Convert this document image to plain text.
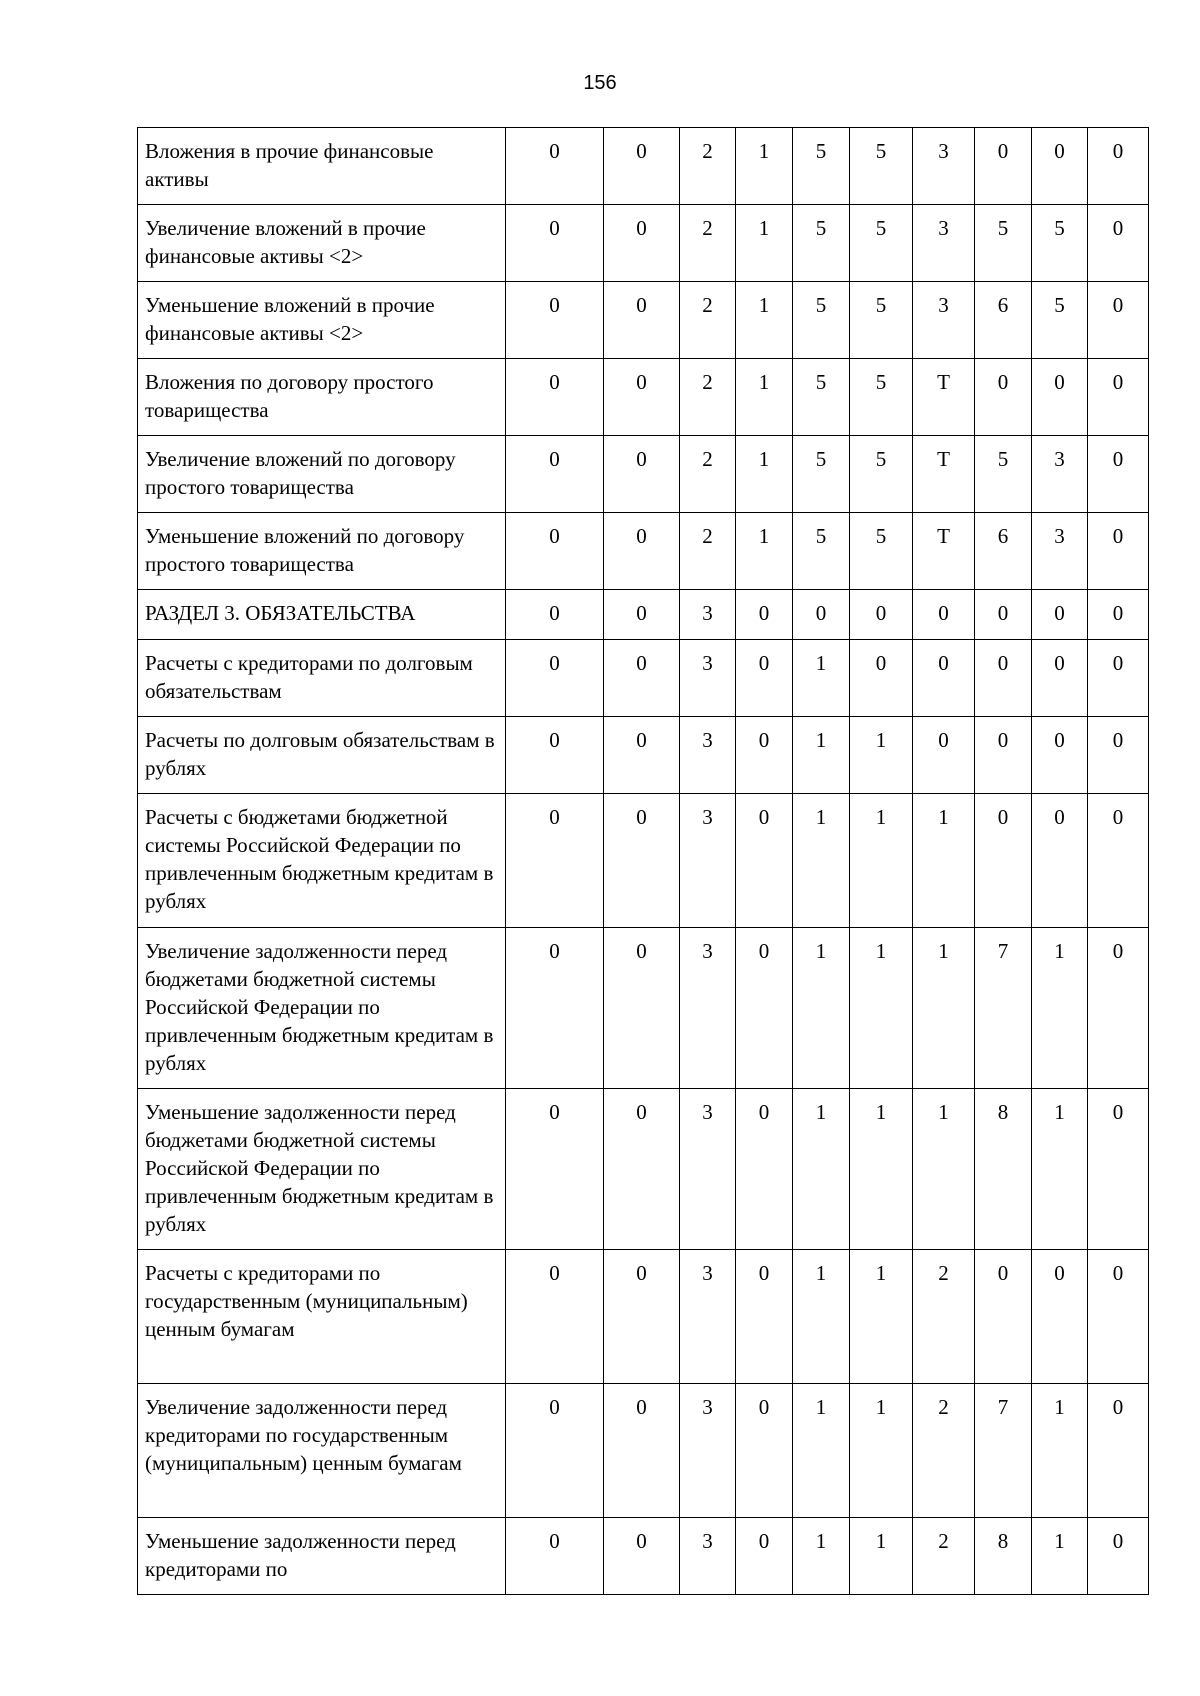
156
Вложения в прочие финансовые активы	0	0	2	1	5	5	3	0	0	0
Увеличение вложений в прочие финансовые активы <2>	0	0	2	1	5	5	3	5	5	0
Уменьшение вложений в прочие финансовые активы <2>	0	0	2	1	5	5	3	6	5	0
Вложения по договору простого товарищества	0	0	2	1	5	5	Т	0	0	0
Увеличение вложений по договору простого товарищества	0	0	2	1	5	5	Т	5	3	0
Уменьшение вложений по договору простого товарищества	0	0	2	1	5	5	Т	6	3	0
РАЗДЕЛ 3. ОБЯЗАТЕЛЬСТВА	0	0	3	0	0	0	0	0	0	0
Расчеты с кредиторами по долговым обязательствам	0	0	3	0	1	0	0	0	0	0
Расчеты по долговым обязательствам в рублях	0	0	3	0	1	1	0	0	0	0
Расчеты с бюджетами бюджетной системы Российской Федерации по привлеченным бюджетным кредитам в рублях	0	0	3	0	1	1	1	0	0	0
Увеличение задолженности перед бюджетами бюджетной системы Российской Федерации по привлеченным бюджетным кредитам в рублях	0	0	3	0	1	1	1	7	1	0
Уменьшение задолженности перед бюджетами бюджетной системы Российской Федерации по привлеченным бюджетным кредитам в рублях	0	0	3	0	1	1	1	8	1	0
Расчеты с кредиторами по государственным (муниципальным) ценным бумагам	0	0	3	0	1	1	2	0	0	0
Увеличение задолженности перед кредиторами по государственным (муниципальным) ценным бумагам	0	0	3	0	1	1	2	7	1	0
Уменьшение задолженности перед кредиторами по	0	0	3	0	1	1	2	8	1	0
